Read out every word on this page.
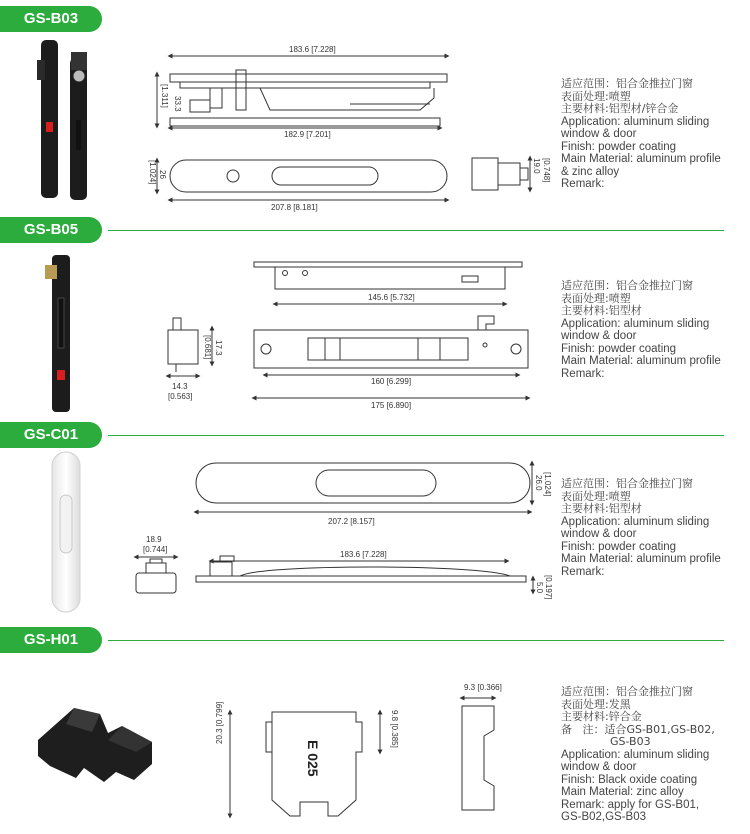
GS-B03
GS-B05
GS-C01
GS-H01
183.6 [7.228]
182.9 [7.201]
33.3
[1.311]
26
[1.024]
207.8 [8.181]
19.0 [0.748]
145.6 [5.732]
160 [6.299]
175 [6.890]
17.3
[0.681]
14.3
[0.563]
207.2 [8.157]
26.0 [1.024]
18.9
[0.744]
183.6 [7.228]
5.0 [0.197]
E 025
20.3 [0.799]	9.8 [0.385]
9.3 [0.366]
适应范围：铝合金推拉门窗
表面处理:喷塑
主要材料:铝型材/锌合金
Application: aluminum sliding
window & door
Finish: powder coating
Main Material: aluminum profile
& zinc alloy
Remark:
适应范围：铝合金推拉门窗
表面处理:喷塑
主要材料:铝型材
Application: aluminum sliding
window & door
Finish: powder coating
Main Material: aluminum profile
Remark:
适应范围：铝合金推拉门窗
表面处理:喷塑
主要材料:铝型材
Application: aluminum sliding
window & door
Finish: powder coating
Main Material: aluminum profile
Remark:
适应范围：铝合金推拉门窗
表面处理:发黑
主要材料:锌合金
备   注：适合GS-B01,GS-B02,
GS-B03
Application: aluminum sliding
window & door
Finish: Black oxide coating
Main Material: zinc alloy
Remark: apply for GS-B01,
GS-B02,GS-B03
